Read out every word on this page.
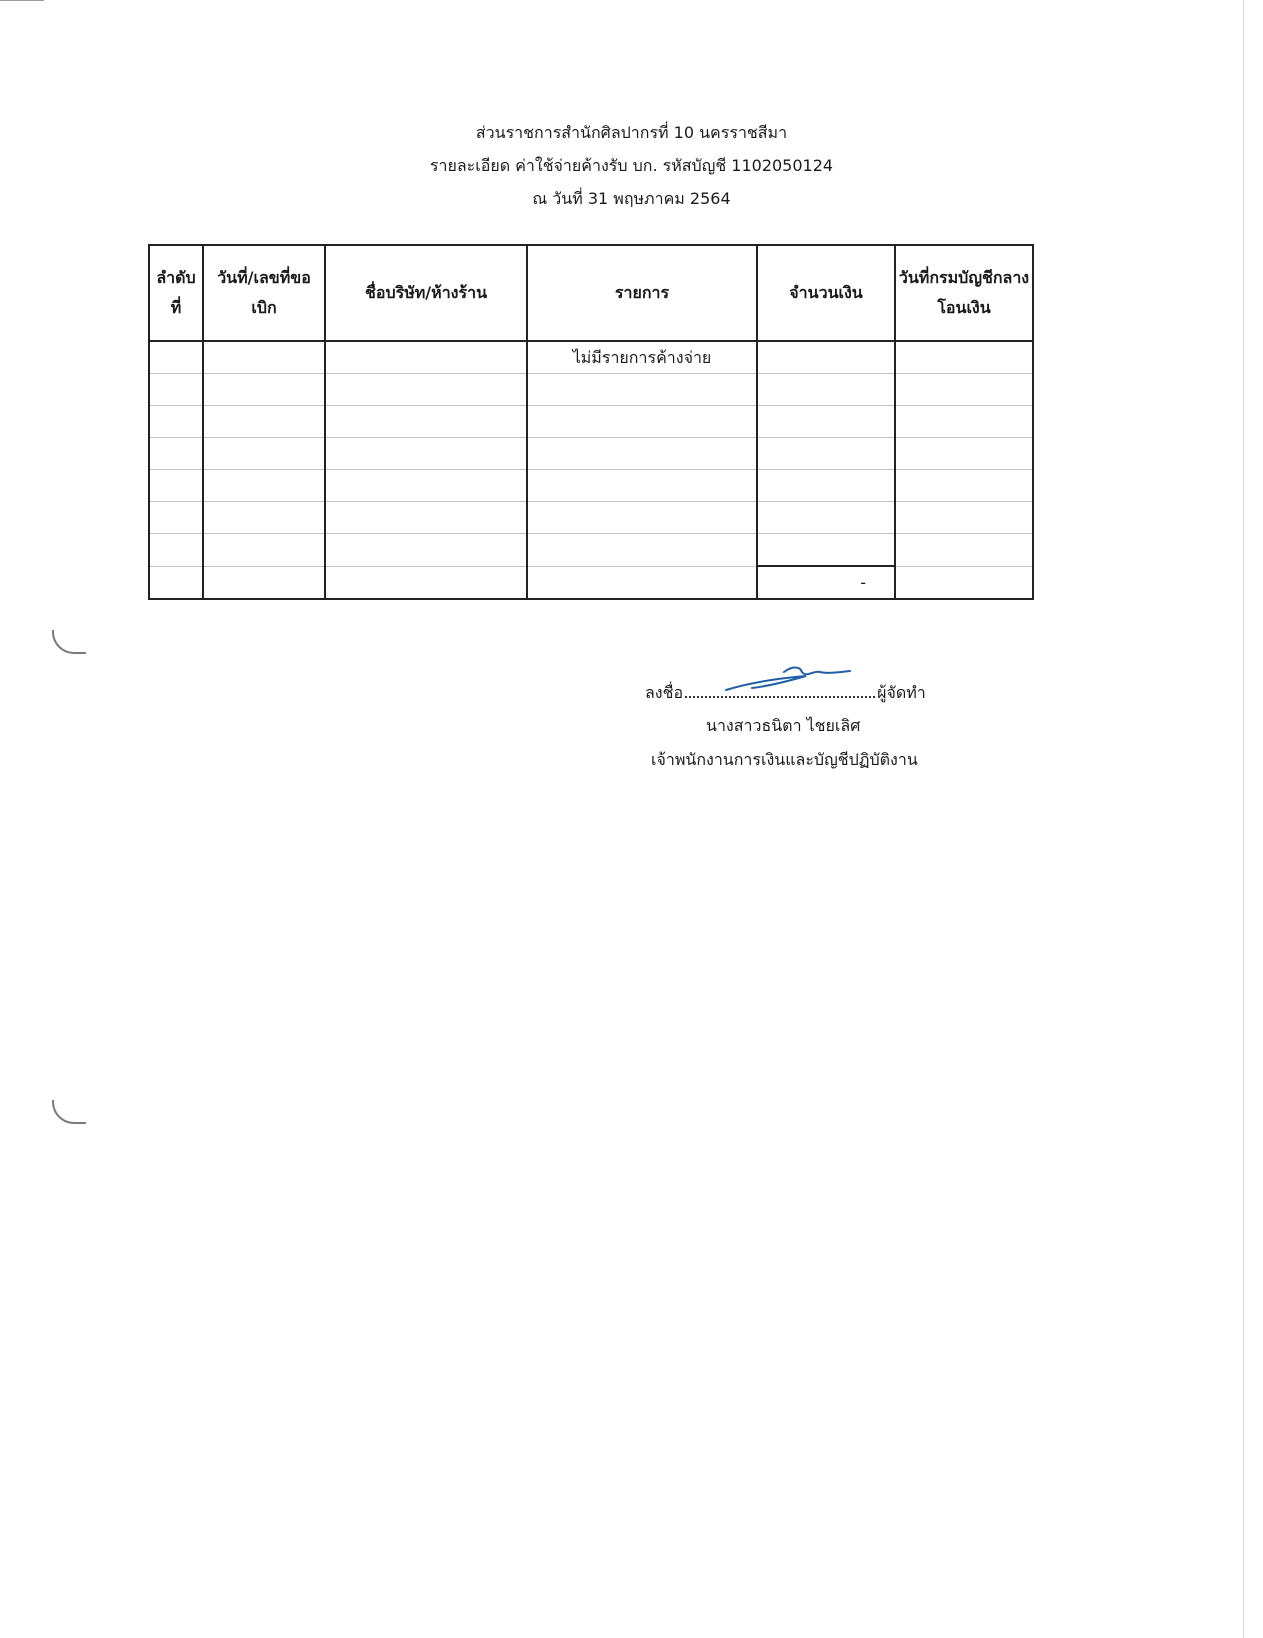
ส่วนราชการสำนักศิลปากรที่ 10 นครราชสีมา
รายละเอียด ค่าใช้จ่ายค้างรับ บก. รหัสบัญชี 1102050124
ณ วันที่ 31 พฤษภาคม 2564
ลำดับที่	วันที่/เลขที่ขอเบิก	ชื่อบริษัท/ห้างร้าน	รายการ	จำนวนเงิน	วันที่กรมบัญชีกลางโอนเงิน

			ไม่มีรายการค้างจ่าย		

				-	
ลงชื่อ	ผู้จัดทำ
นางสาวธนิตา ไชยเลิศ
เจ้าพนักงานการเงินและบัญชีปฏิบัติงาน
